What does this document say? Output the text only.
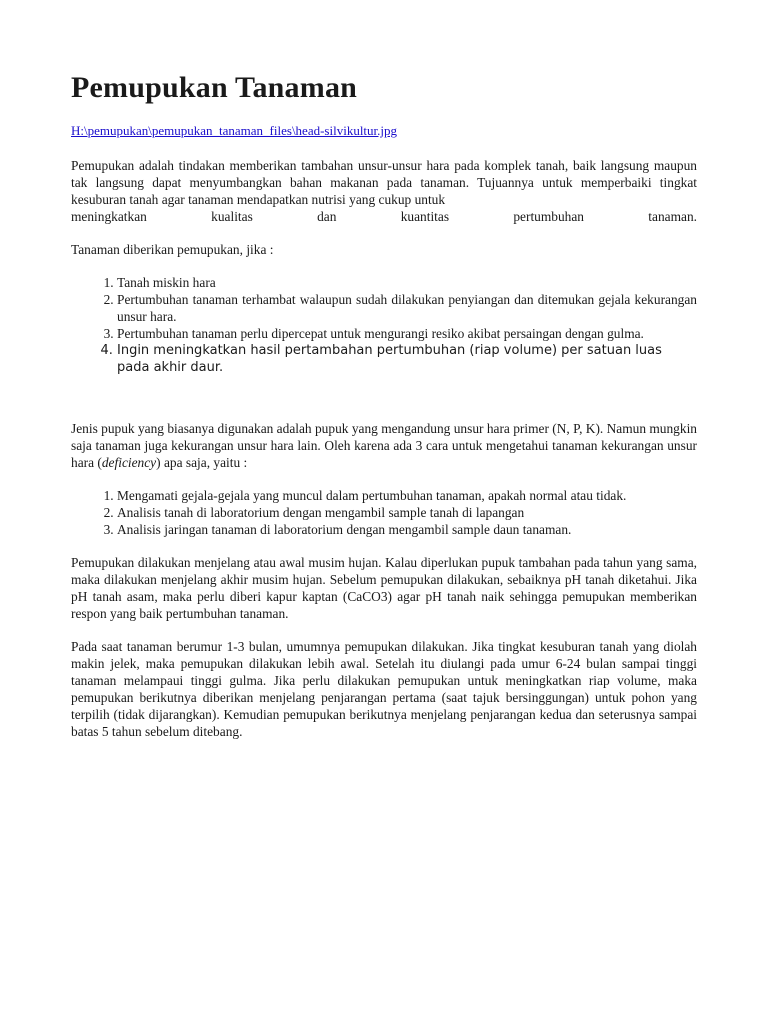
Pemupukan Tanaman
H:\pemupukan\pemupukan_tanaman_files\head-silvikultur.jpg

Pemupukan adalah tindakan memberikan tambahan unsur-unsur hara pada komplek tanah, baik langsung maupun tak langsung dapat menyumbangkan bahan makanan pada tanaman. Tujuannya untuk memperbaiki tingkat kesuburan tanah agar tanaman mendapatkan nutrisi yang cukup untuk

meningkatkan kualitas dan kuantitas pertumbuhan tanaman.

Tanaman diberikan pemupukan, jika :

1. Tanah miskin hara
2. Pertumbuhan tanaman terhambat walaupun sudah dilakukan penyiangan dan ditemukan gejala kekurangan unsur hara.
3. Pertumbuhan tanaman perlu dipercepat untuk mengurangi resiko akibat persaingan dengan gulma.
4. Ingin meningkatkan hasil pertambahan pertumbuhan (riap volume) per satuan luas pada akhir daur.

Jenis pupuk yang biasanya digunakan adalah pupuk yang mengandung unsur hara primer (N, P, K). Namun mungkin saja tanaman juga kekurangan unsur hara lain. Oleh karena ada 3 cara untuk mengetahui tanaman kekurangan unsur hara (deficiency) apa saja, yaitu :

1. Mengamati gejala-gejala yang muncul dalam pertumbuhan tanaman, apakah normal atau tidak.
2. Analisis tanah di laboratorium dengan mengambil sample tanah di lapangan
3. Analisis jaringan tanaman di laboratorium dengan mengambil sample daun tanaman.

Pemupukan dilakukan menjelang atau awal musim hujan. Kalau diperlukan pupuk tambahan pada tahun yang sama, maka dilakukan menjelang akhir musim hujan. Sebelum pemupukan dilakukan, sebaiknya pH tanah diketahui. Jika pH tanah asam, maka perlu diberi kapur kaptan (CaCO3) agar pH tanah naik sehingga pemupukan memberikan respon yang baik pertumbuhan tanaman.

Pada saat tanaman berumur 1-3 bulan, umumnya pemupukan dilakukan. Jika tingkat kesuburan tanah yang diolah makin jelek, maka pemupukan dilakukan lebih awal. Setelah itu diulangi pada umur 6-24 bulan sampai tinggi tanaman melampaui tinggi gulma. Jika perlu dilakukan pemupukan untuk meningkatkan riap volume, maka pemupukan berikutnya diberikan menjelang penjarangan pertama (saat tajuk bersinggungan) untuk pohon yang terpilih (tidak dijarangkan). Kemudian pemupukan berikutnya menjelang penjarangan kedua dan seterusnya sampai batas 5 tahun sebelum ditebang.
